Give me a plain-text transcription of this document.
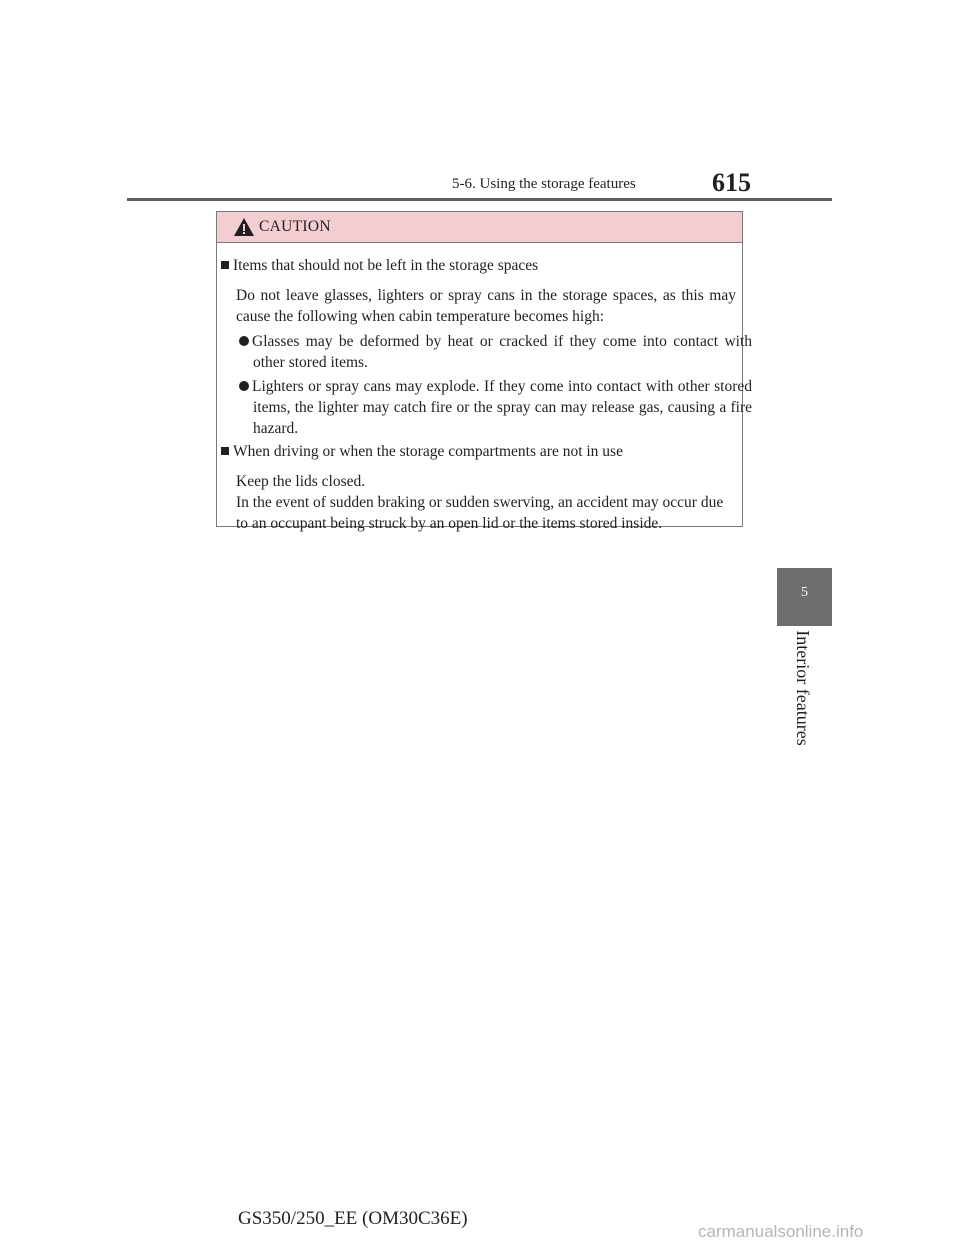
5-6. Using the storage features	615
5
Interior features
CAUTION
Items that should not be left in the storage spaces
Do not leave glasses, lighters or spray cans in the storage spaces, as this may cause the following when cabin temperature becomes high:
Glasses may be deformed by heat or cracked if they come into contact with other stored items.
Lighters or spray cans may explode. If they come into contact with other stored items, the lighter may catch fire or the spray can may release gas, causing a fire hazard.
When driving or when the storage compartments are not in use
Keep the lids closed.
In the event of sudden braking or sudden swerving, an accident may occur due to an occupant being struck by an open lid or the items stored inside.
GS350/250_EE (OM30C36E)
carmanualsonline.info
